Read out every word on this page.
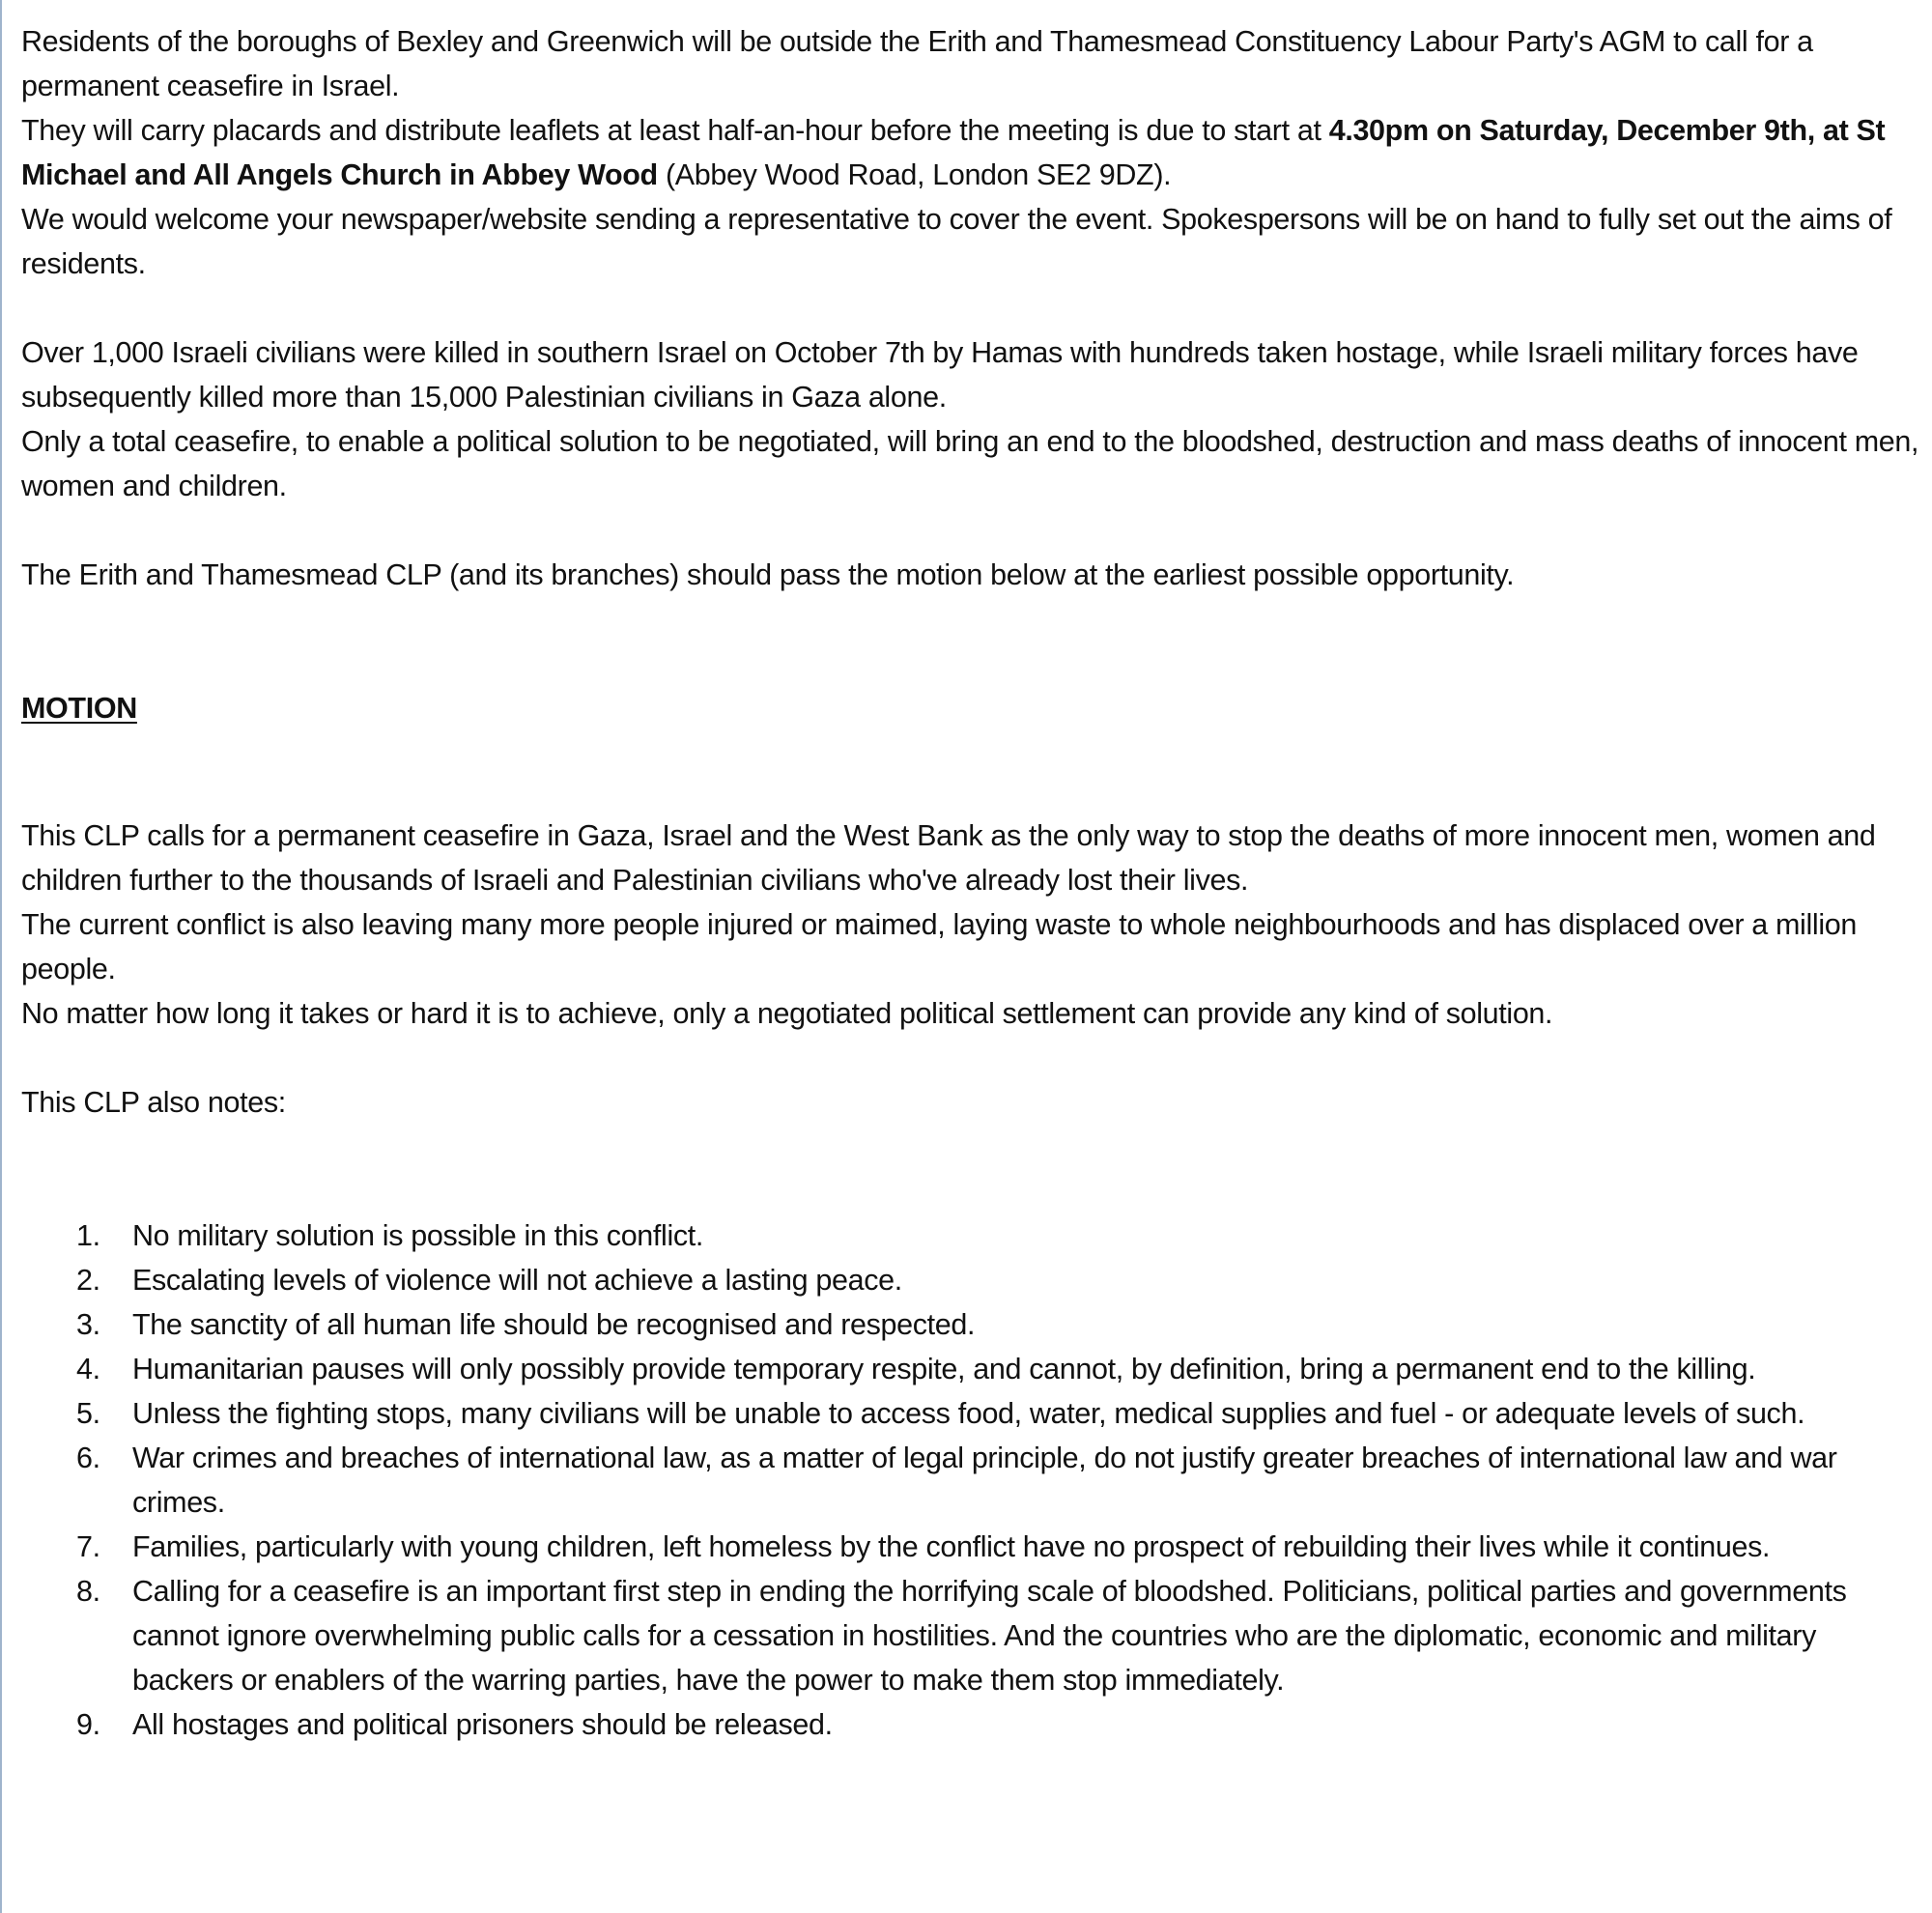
Residents of the boroughs of Bexley and Greenwich will be outside the Erith and Thamesmead Constituency Labour Party's AGM to call for a permanent ceasefire in Israel.

They will carry placards and distribute leaflets at least half-an-hour before the meeting is due to start at 4.30pm on Saturday, December 9th, at St Michael and All Angels Church in Abbey Wood (Abbey Wood Road, London SE2 9DZ).

We would welcome your newspaper/website sending a representative to cover the event. Spokespersons will be on hand to fully set out the aims of residents.

Over 1,000 Israeli civilians were killed in southern Israel on October 7th by Hamas with hundreds taken hostage, while Israeli military forces have subsequently killed more than 15,000 Palestinian civilians in Gaza alone.

Only a total ceasefire, to enable a political solution to be negotiated, will bring an end to the bloodshed, destruction and mass deaths of innocent men, women and children.

The Erith and Thamesmead CLP (and its branches) should pass the motion below at the earliest possible opportunity.

MOTION

This CLP calls for a permanent ceasefire in Gaza, Israel and the West Bank as the only way to stop the deaths of more innocent men, women and children further to the thousands of Israeli and Palestinian civilians who've already lost their lives.

The current conflict is also leaving many more people injured or maimed, laying waste to whole neighbourhoods and has displaced over a million people.

No matter how long it takes or hard it is to achieve, only a negotiated political settlement can provide any kind of solution.

This CLP also notes:

1. No military solution is possible in this conflict.
2. Escalating levels of violence will not achieve a lasting peace.
3. The sanctity of all human life should be recognised and respected.
4. Humanitarian pauses will only possibly provide temporary respite, and cannot, by definition, bring a permanent end to the killing.
5. Unless the fighting stops, many civilians will be unable to access food, water, medical supplies and fuel - or adequate levels of such.
6. War crimes and breaches of international law, as a matter of legal principle, do not justify greater breaches of international law and war crimes.
7. Families, particularly with young children, left homeless by the conflict have no prospect of rebuilding their lives while it continues.
8. Calling for a ceasefire is an important first step in ending the horrifying scale of bloodshed. Politicians, political parties and governments cannot ignore overwhelming public calls for a cessation in hostilities. And the countries who are the diplomatic, economic and military backers or enablers of the warring parties, have the power to make them stop immediately.
9. All hostages and political prisoners should be released.
